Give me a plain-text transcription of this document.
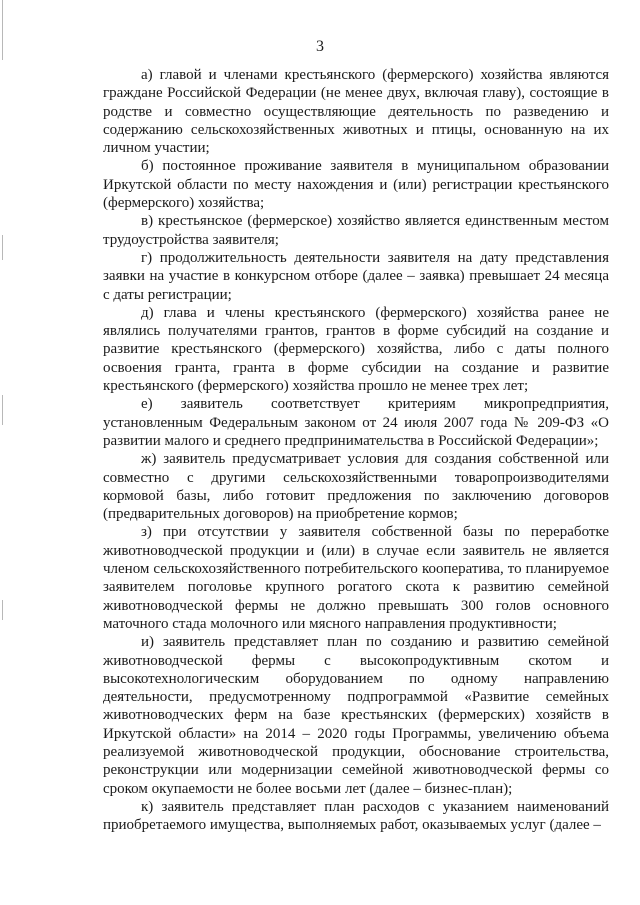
3

а) главой и членами крестьянского (фермерского) хозяйства являются граждане Российской Федерации (не менее двух, включая главу), состоящие в родстве и совместно осуществляющие деятельность по разведению и содержанию сельскохозяйственных животных и птицы, основанную на их личном участии;

б) постоянное проживание заявителя в муниципальном образовании Иркутской области по месту нахождения и (или) регистрации крестьянского (фермерского) хозяйства;

в) крестьянское (фермерское) хозяйство является единственным местом трудоустройства заявителя;

г) продолжительность деятельности заявителя на дату представления заявки на участие в конкурсном отборе (далее – заявка) превышает 24 месяца с даты регистрации;

д) глава и члены крестьянского (фермерского) хозяйства ранее не являлись получателями грантов, грантов в форме субсидий на создание и развитие крестьянского (фермерского) хозяйства, либо с даты полного освоения гранта, гранта в форме субсидии на создание и развитие крестьянского (фермерского) хозяйства прошло не менее трех лет;

е) заявитель соответствует критериям микропредприятия, установленным Федеральным законом от 24 июля 2007 года № 209-ФЗ «О развитии малого и среднего предпринимательства в Российской Федерации»;

ж) заявитель предусматривает условия для создания собственной или совместно с другими сельскохозяйственными товаропроизводителями кормовой базы, либо готовит предложения по заключению договоров (предварительных договоров) на приобретение кормов;

з) при отсутствии у заявителя собственной базы по переработке животноводческой продукции и (или) в случае если заявитель не является членом сельскохозяйственного потребительского кооператива, то планируемое заявителем поголовье крупного рогатого скота к развитию семейной животноводческой фермы не должно превышать 300 голов основного маточного стада молочного или мясного направления продуктивности;

и) заявитель представляет план по созданию и развитию семейной животноводческой фермы с высокопродуктивным скотом и высокотехнологическим оборудованием по одному направлению деятельности, предусмотренному подпрограммой «Развитие семейных животноводческих ферм на базе крестьянских (фермерских) хозяйств в Иркутской области» на 2014 – 2020 годы Программы, увеличению объема реализуемой животноводческой продукции, обоснование строительства, реконструкции или модернизации семейной животноводческой фермы со сроком окупаемости не более восьми лет (далее – бизнес-план);

к) заявитель представляет план расходов с указанием наименований приобретаемого имущества, выполняемых работ, оказываемых услуг (далее –
